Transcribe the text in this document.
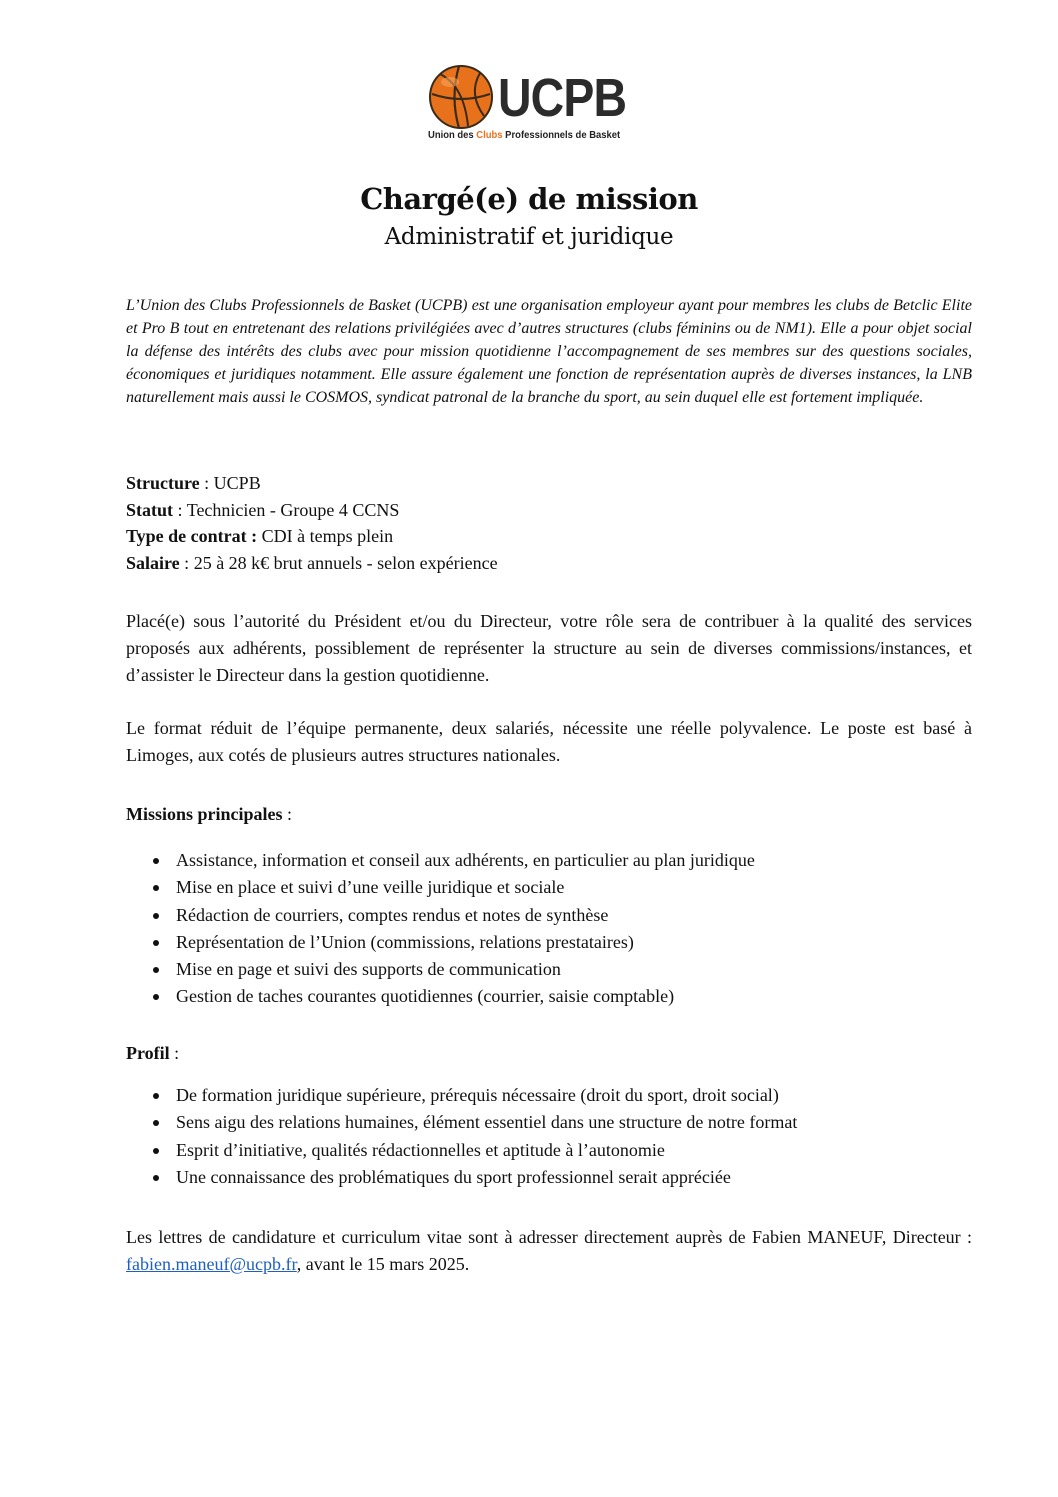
UCPB
Union des Clubs Professionnels de Basket
Chargé(e) de mission
Administratif et juridique
L’Union des Clubs Professionnels de Basket (UCPB) est une organisation employeur ayant pour membres les clubs de Betclic Elite et Pro B tout en entretenant des relations privilégiées avec d’autres structures (clubs féminins ou de NM1). Elle a pour objet social la défense des intérêts des clubs avec pour mission quotidienne l’accompagnement de ses membres sur des questions sociales, économiques et juridiques notamment. Elle assure également une fonction de représentation auprès de diverses instances, la LNB naturellement mais aussi le COSMOS, syndicat patronal de la branche du sport, au sein duquel elle est fortement impliquée.
Structure : UCPB
Statut : Technicien - Groupe 4 CCNS
Type de contrat : CDI à temps plein
Salaire : 25 à 28 k€ brut annuels - selon expérience
Placé(e) sous l’autorité du Président et/ou du Directeur, votre rôle sera de contribuer à la qualité des services proposés aux adhérents, possiblement de représenter la structure au sein de diverses commissions/instances, et d’assister le Directeur dans la gestion quotidienne.
Le format réduit de l’équipe permanente, deux salariés, nécessite une réelle polyvalence. Le poste est basé à Limoges, aux cotés de plusieurs autres structures nationales.
Missions principales :
Assistance, information et conseil aux adhérents, en particulier au plan juridique
Mise en place et suivi d’une veille juridique et sociale
Rédaction de courriers, comptes rendus et notes de synthèse
Représentation de l’Union (commissions, relations prestataires)
Mise en page et suivi des supports de communication
Gestion de taches courantes quotidiennes (courrier, saisie comptable)
Profil :
De formation juridique supérieure, prérequis nécessaire (droit du sport, droit social)
Sens aigu des relations humaines, élément essentiel dans une structure de notre format
Esprit d’initiative, qualités rédactionnelles et aptitude à l’autonomie
Une connaissance des problématiques du sport professionnel serait appréciée
Les lettres de candidature et curriculum vitae sont à adresser directement auprès de Fabien MANEUF, Directeur : fabien.maneuf@ucpb.fr, avant le 15 mars 2025.
